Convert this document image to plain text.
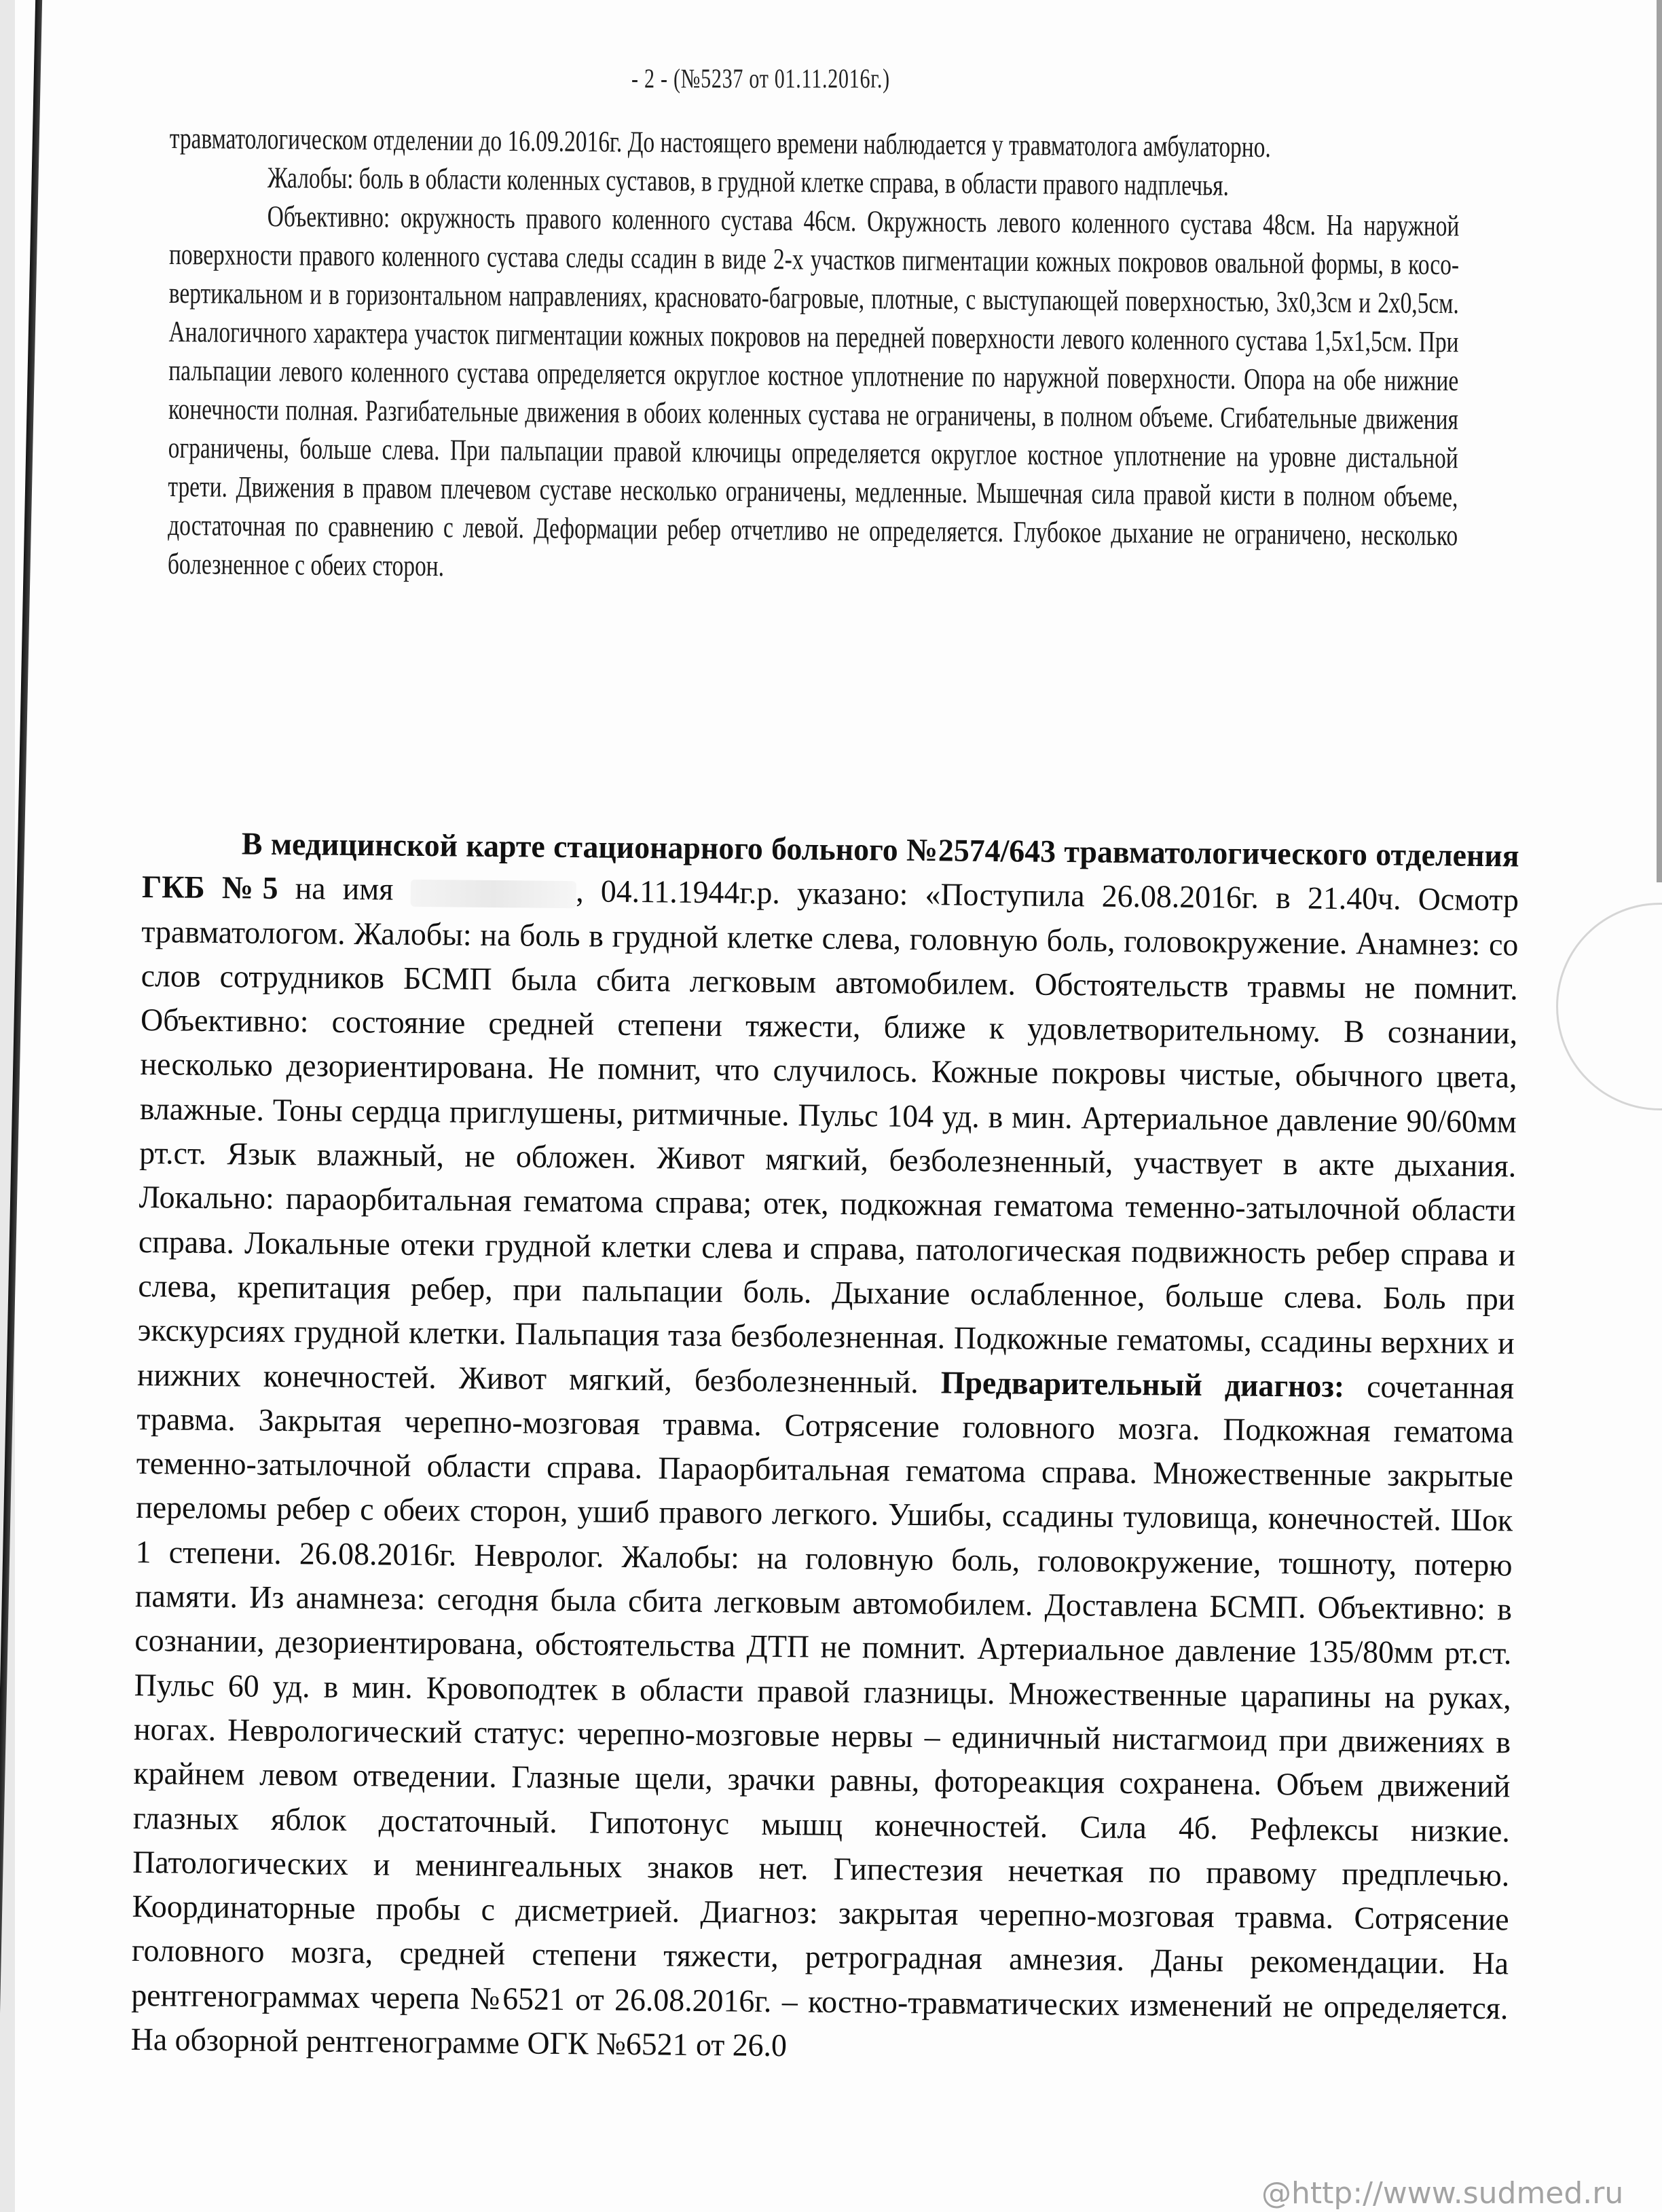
- 2 - (№5237 от 01.11.2016г.)

травматологическом отделении до 16.09.2016г. До настоящего времени наблюдается у травматолога амбулаторно.

Жалобы: боль в области коленных суставов, в грудной клетке справа, в области правого надплечья.

Объективно: окружность правого коленного сустава 46см. Окружность левого коленного сустава 48см. На наружной поверхности правого коленного сустава следы ссадин в виде 2-х участков пигментации кожных покровов овальной формы, в косо-вертикальном и в горизонтальном направлениях, красновато-багровые, плотные, с выступающей поверхностью, 3х0,3см и 2х0,5см. Аналогичного характера участок пигментации кожных покровов на передней поверхности левого коленного сустава 1,5х1,5см. При пальпации левого коленного сустава определяется округлое костное уплотнение по наружной поверхности. Опора на обе нижние конечности полная. Разгибательные движения в обоих коленных сустава не ограничены, в полном объеме. Сгибательные движения ограничены, больше слева. При пальпации правой ключицы определяется округлое костное уплотнение на уровне дистальной трети. Движения в правом плечевом суставе несколько ограничены, медленные. Мышечная сила правой кисти в полном объеме, достаточная по сравнению с левой. Деформации ребер отчетливо не определяется. Глубокое дыхание не ограничено, несколько болезненное с обеих сторон.

В медицинской карте стационарного больного №2574/643 травматологического отделения ГКБ №5 на имя	, 04.11.1944г.р. указано: «Поступила 26.08.2016г. в 21.40ч. Осмотр травматологом. Жалобы: на боль в грудной клетке слева, головную боль, головокружение. Анамнез: со слов сотрудников БСМП была сбита легковым автомобилем. Обстоятельств травмы не помнит. Объективно: состояние средней степени тяжести, ближе к удовлетворительному. В сознании, несколько дезориентирована. Не помнит, что случилось. Кожные покровы чистые, обычного цвета, влажные. Тоны сердца приглушены, ритмичные. Пульс 104 уд. в мин. Артериальное давление 90/60мм рт.ст. Язык влажный, не обложен. Живот мягкий, безболезненный, участвует в акте дыхания. Локально: параорбитальная гематома справа; отек, подкожная гематома теменно-затылочной области справа. Локальные отеки грудной клетки слева и справа, патологическая подвижность ребер справа и слева, крепитация ребер, при пальпации боль. Дыхание ослабленное, больше слева. Боль при экскурсиях грудной клетки. Пальпация таза безболезненная. Подкожные гематомы, ссадины верхних и нижних конечностей. Живот мягкий, безболезненный. Предварительный диагноз: сочетанная травма. Закрытая черепно-мозговая травма. Сотрясение головного мозга. Подкожная гематома теменно-затылочной области справа. Параорбитальная гематома справа. Множественные закрытые переломы ребер с обеих сторон, ушиб правого легкого. Ушибы, ссадины туловища, конечностей. Шок 1 степени. 26.08.2016г. Невролог. Жалобы: на головную боль, головокружение, тошноту, потерю памяти. Из анамнеза: сегодня была сбита легковым автомобилем. Доставлена БСМП. Объективно: в сознании, дезориентирована, обстоятельства ДТП не помнит. Артериальное давление 135/80мм рт.ст. Пульс 60 уд. в мин. Кровоподтек в области правой глазницы. Множественные царапины на руках, ногах. Неврологический статус: черепно-мозговые нервы – единичный нистагмоид при движениях в крайнем левом отведении. Глазные щели, зрачки равны, фотореакция сохранена. Объем движений глазных яблок достаточный. Гипотонус мышц конечностей. Сила 4б. Рефлексы низкие. Патологических и менингеальных знаков нет. Гипестезия нечеткая по правому предплечью. Координаторные пробы с дисметрией. Диагноз: закрытая черепно-мозговая травма. Сотрясение головного мозга, средней степени тяжести, ретроградная амнезия. Даны рекомендации. На рентгенограммах черепа №6521 от 26.08.2016г. – костно-травматических изменений не определяется. На обзорной рентгенограмме ОГК №6521 от 26.0

@http://www.sudmed.ru
